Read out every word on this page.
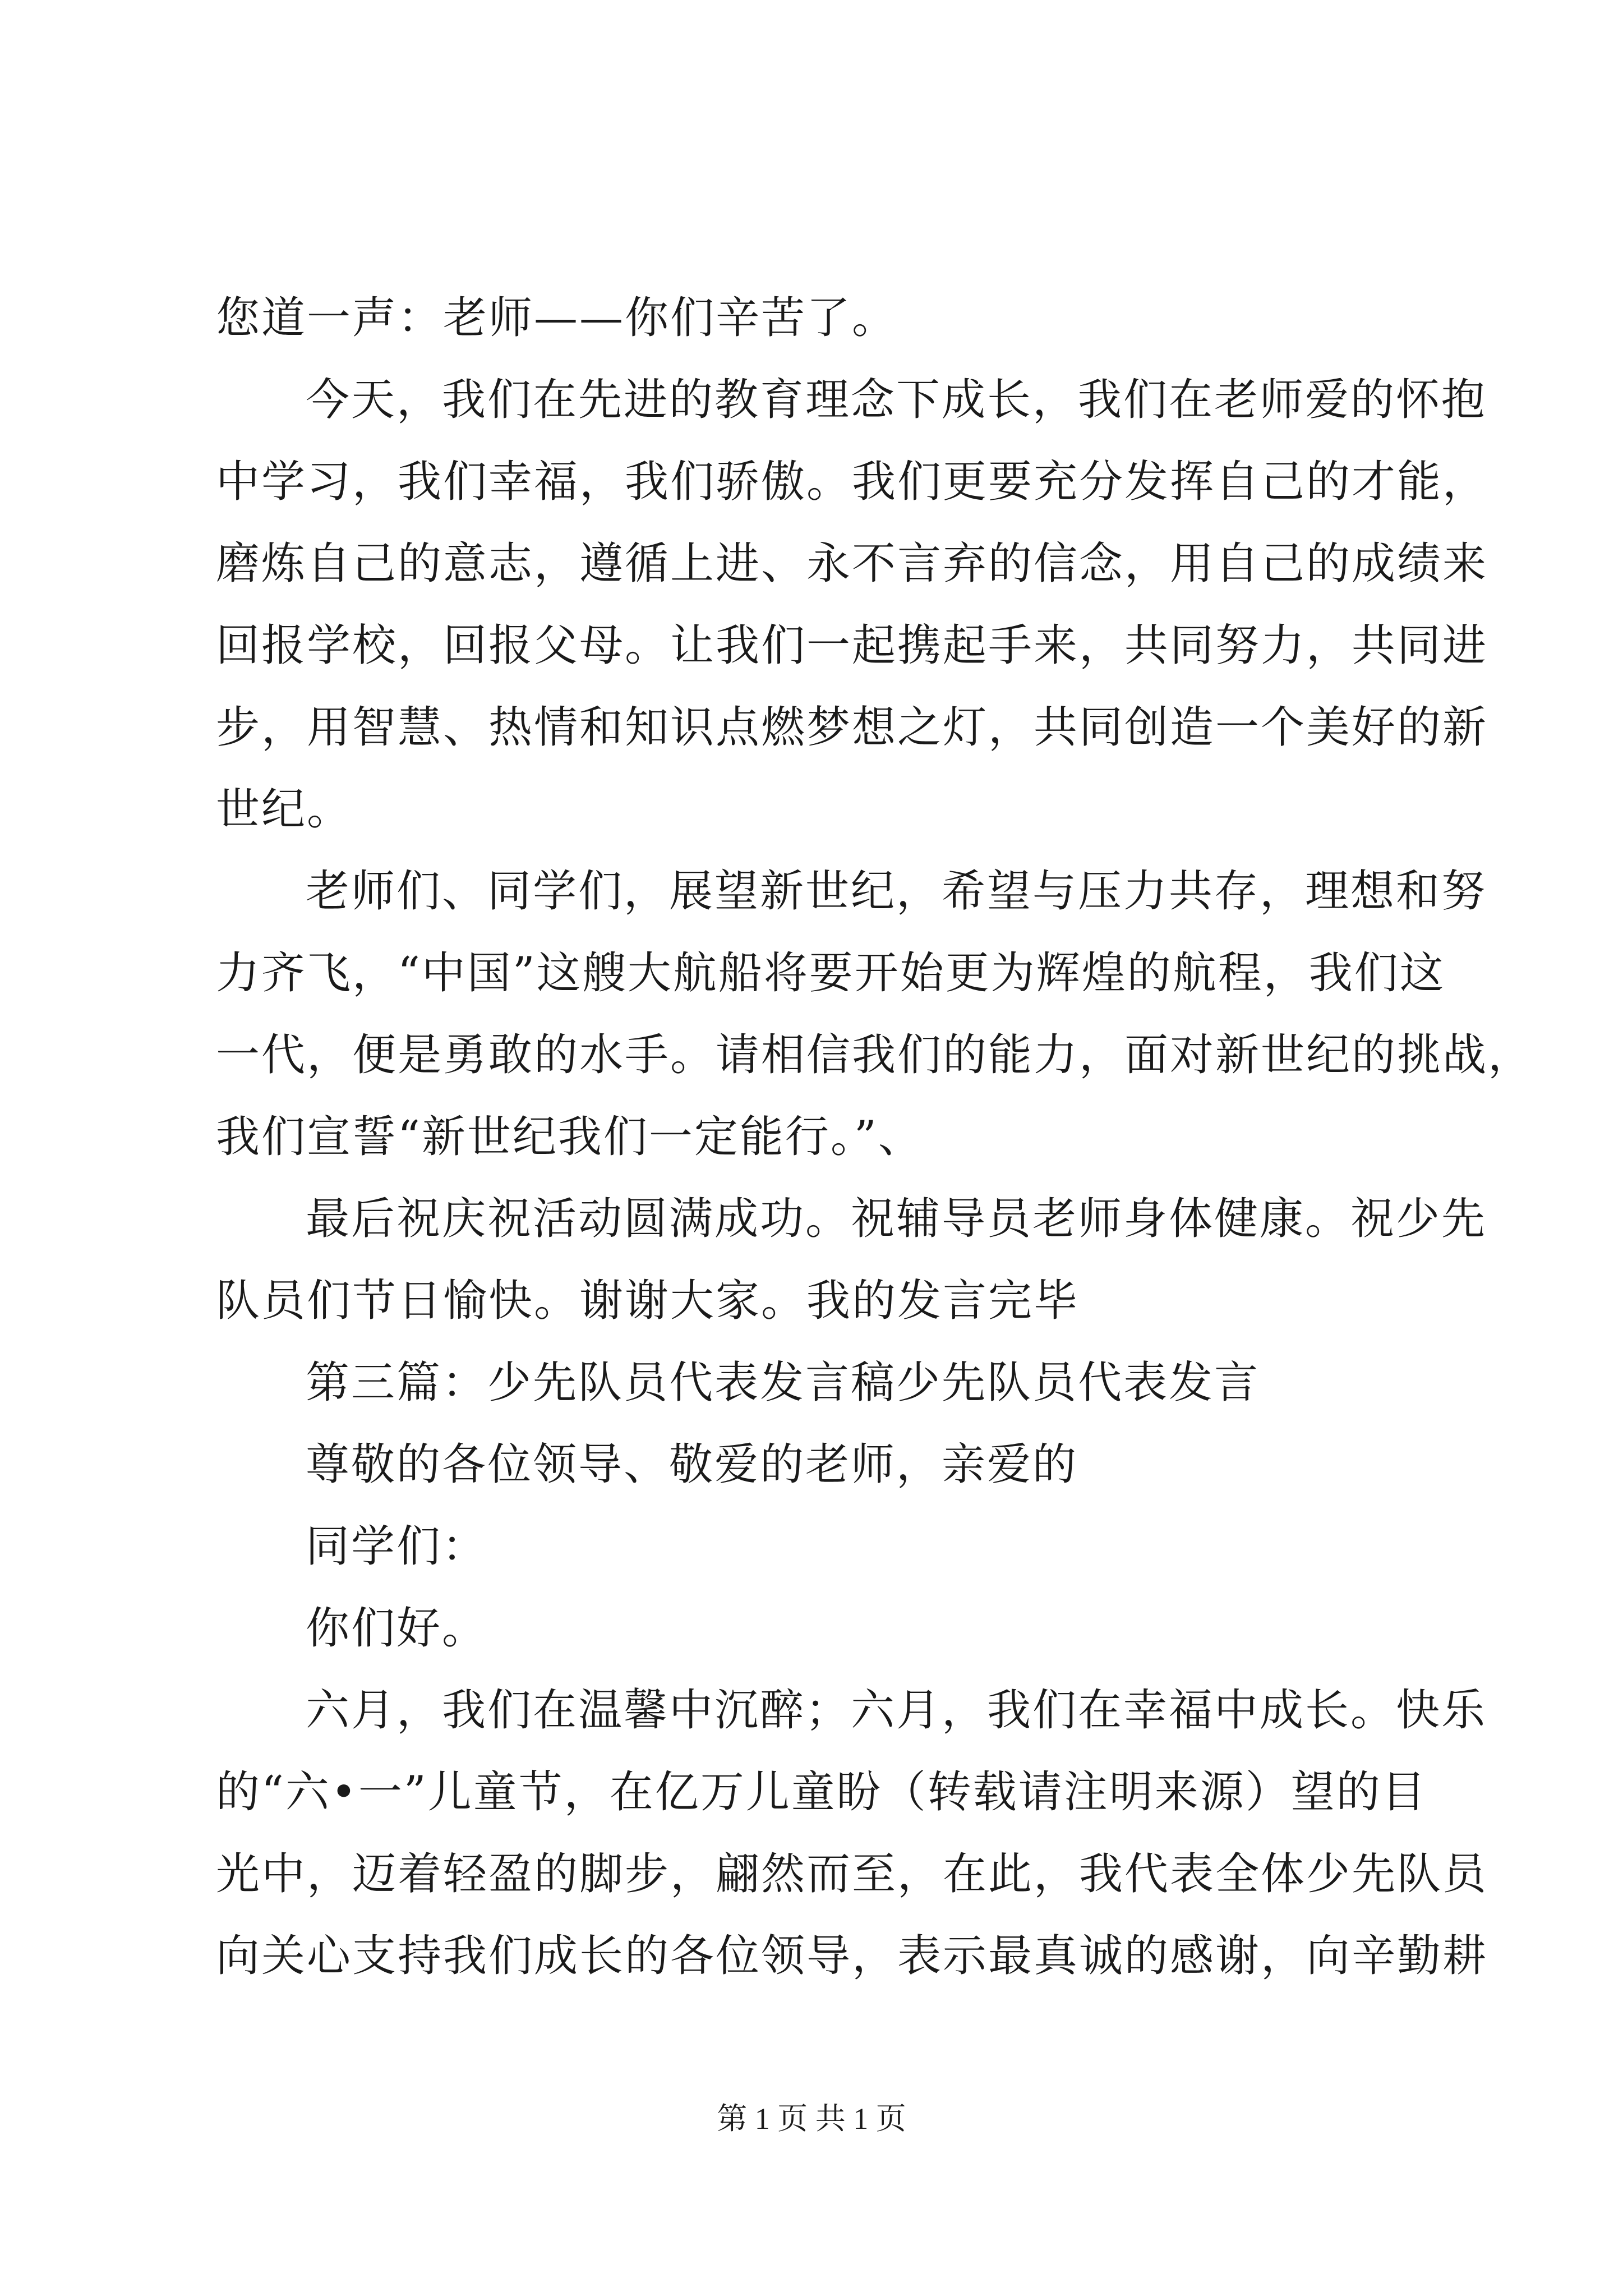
您道一声：老师——你们辛苦了。
今天，我们在先进的教育理念下成长，我们在老师爱的怀抱
中学习，我们幸福，我们骄傲。我们更要充分发挥自己的才能，
磨炼自己的意志，遵循上进、永不言弃的信念，用自己的成绩来
回报学校，回报父母。让我们一起携起手来，共同努力，共同进
步，用智慧、热情和知识点燃梦想之灯，共同创造一个美好的新
世纪。
老师们、同学们，展望新世纪，希望与压力共存，理想和努
力齐飞，“中国”这艘大航船将要开始更为辉煌的航程，我们这
一代，便是勇敢的水手。请相信我们的能力，面对新世纪的挑战，
我们宣誓“新世纪我们一定能行。”、
最后祝庆祝活动圆满成功。祝辅导员老师身体健康。祝少先
队员们节日愉快。谢谢大家。我的发言完毕
第三篇：少先队员代表发言稿少先队员代表发言
尊敬的各位领导、敬爱的老师，亲爱的
同学们：
你们好。
六月，我们在温馨中沉醉；六月，我们在幸福中成长。快乐
的“六•一”儿童节，在亿万儿童盼（转载请注明来源）望的目
光中，迈着轻盈的脚步，翩然而至，在此，我代表全体少先队员
向关心支持我们成长的各位领导，表示最真诚的感谢，向辛勤耕
第 1 页 共 1 页
